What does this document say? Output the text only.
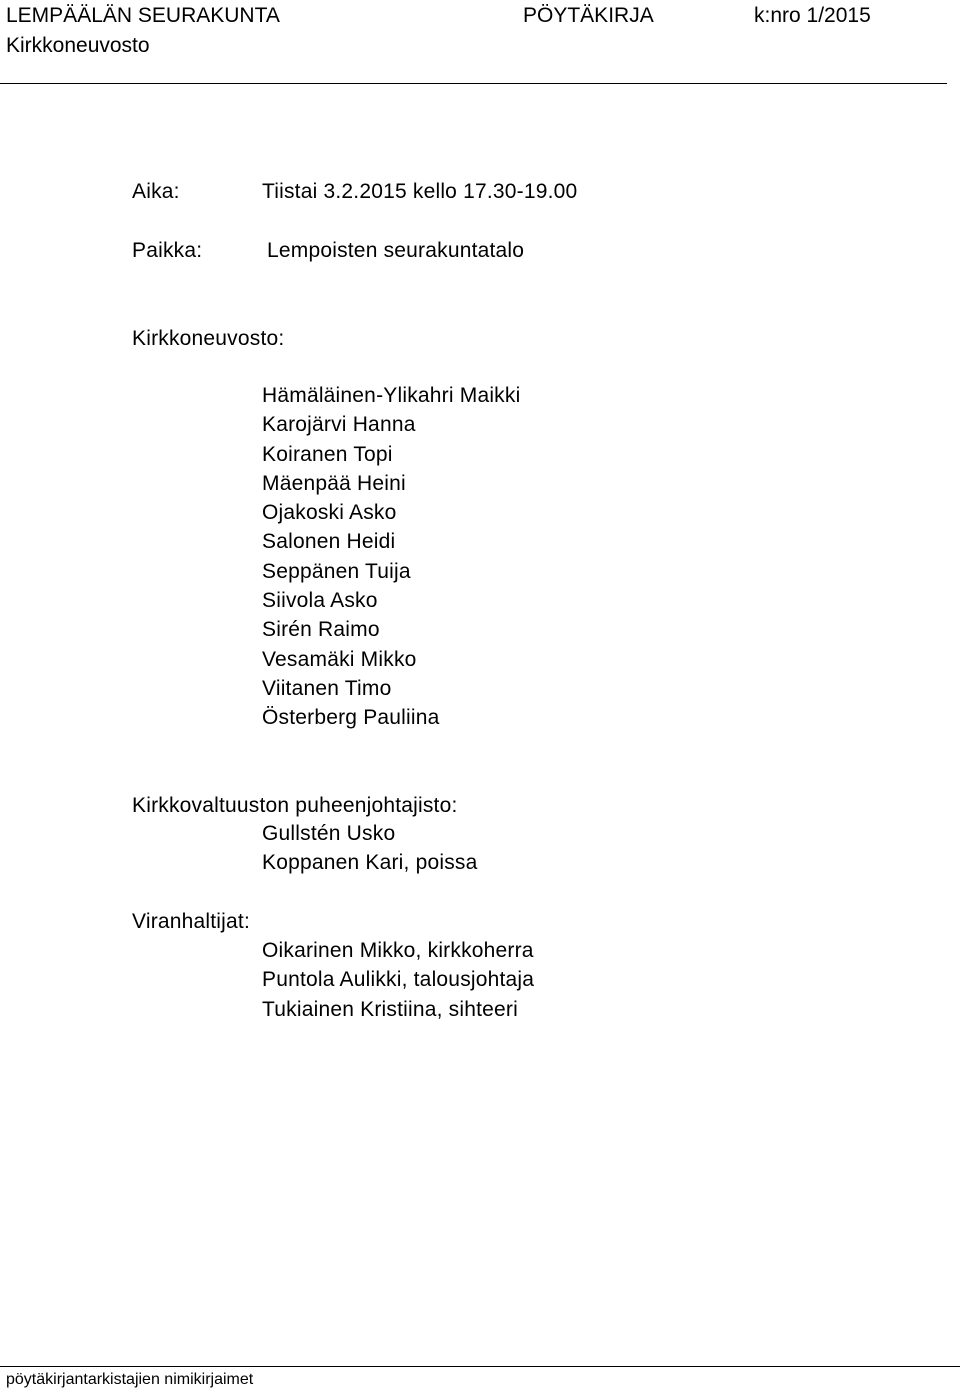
LEMPÄÄLÄN SEURAKUNTA	PÖYTÄKIRJA	k:nro 1/2015
Kirkkoneuvosto
Aika:	Tiistai 3.2.2015 kello 17.30-19.00
Paikka:	Lempoisten seurakuntatalo
Kirkkoneuvosto:
Hämäläinen-Ylikahri Maikki
Karojärvi Hanna
Koiranen Topi
Mäenpää Heini
Ojakoski Asko
Salonen Heidi
Seppänen Tuija
Siivola Asko
Sirén Raimo
Vesamäki Mikko
Viitanen Timo
Österberg Pauliina
Kirkkovaltuuston puheenjohtajisto:
Gullstén Usko
Koppanen Kari, poissa
Viranhaltijat:
Oikarinen Mikko, kirkkoherra
Puntola Aulikki, talousjohtaja
Tukiainen Kristiina, sihteeri
pöytäkirjantarkistajien nimikirjaimet
